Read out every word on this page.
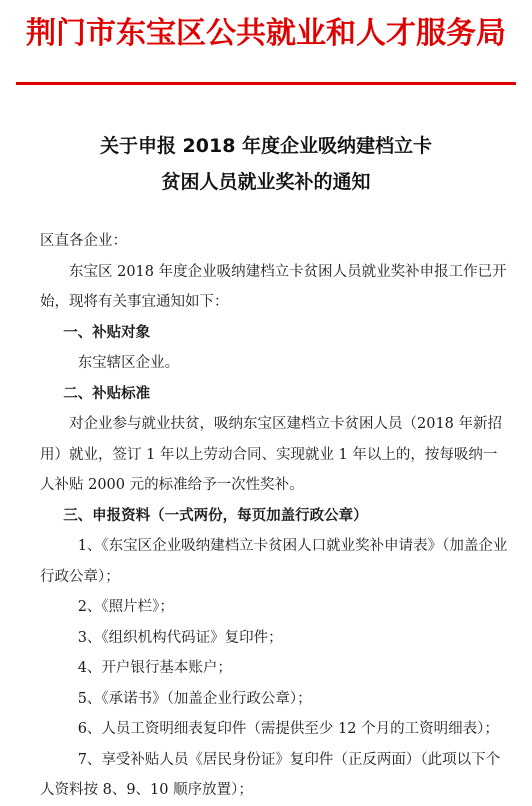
荆门市东宝区公共就业和人才服务局
关于申报 2018 年度企业吸纳建档立卡
贫困人员就业奖补的通知

区直各企业：

东宝区 2018 年度企业吸纳建档立卡贫困人员就业奖补申报工作已开始，现将有关事宜通知如下：

一、补贴对象

东宝辖区企业。

二、补贴标准

对企业参与就业扶贫，吸纳东宝区建档立卡贫困人员（2018 年新招用）就业，签订 1 年以上劳动合同、实现就业 1 年以上的，按每吸纳一人补贴 2000 元的标准给予一次性奖补。

三、申报资料（一式两份，每页加盖行政公章）

1、《东宝区企业吸纳建档立卡贫困人口就业奖补申请表》（加盖企业行政公章）；

2、《照片栏》；

3、《组织机构代码证》复印件；

4、开户银行基本账户；

5、《承诺书》（加盖企业行政公章）；

6、人员工资明细表复印件（需提供至少 12 个月的工资明细表）；

7、享受补贴人员《居民身份证》复印件（正反两面）（此项以下个人资料按 8、9、10 顺序放置）；
